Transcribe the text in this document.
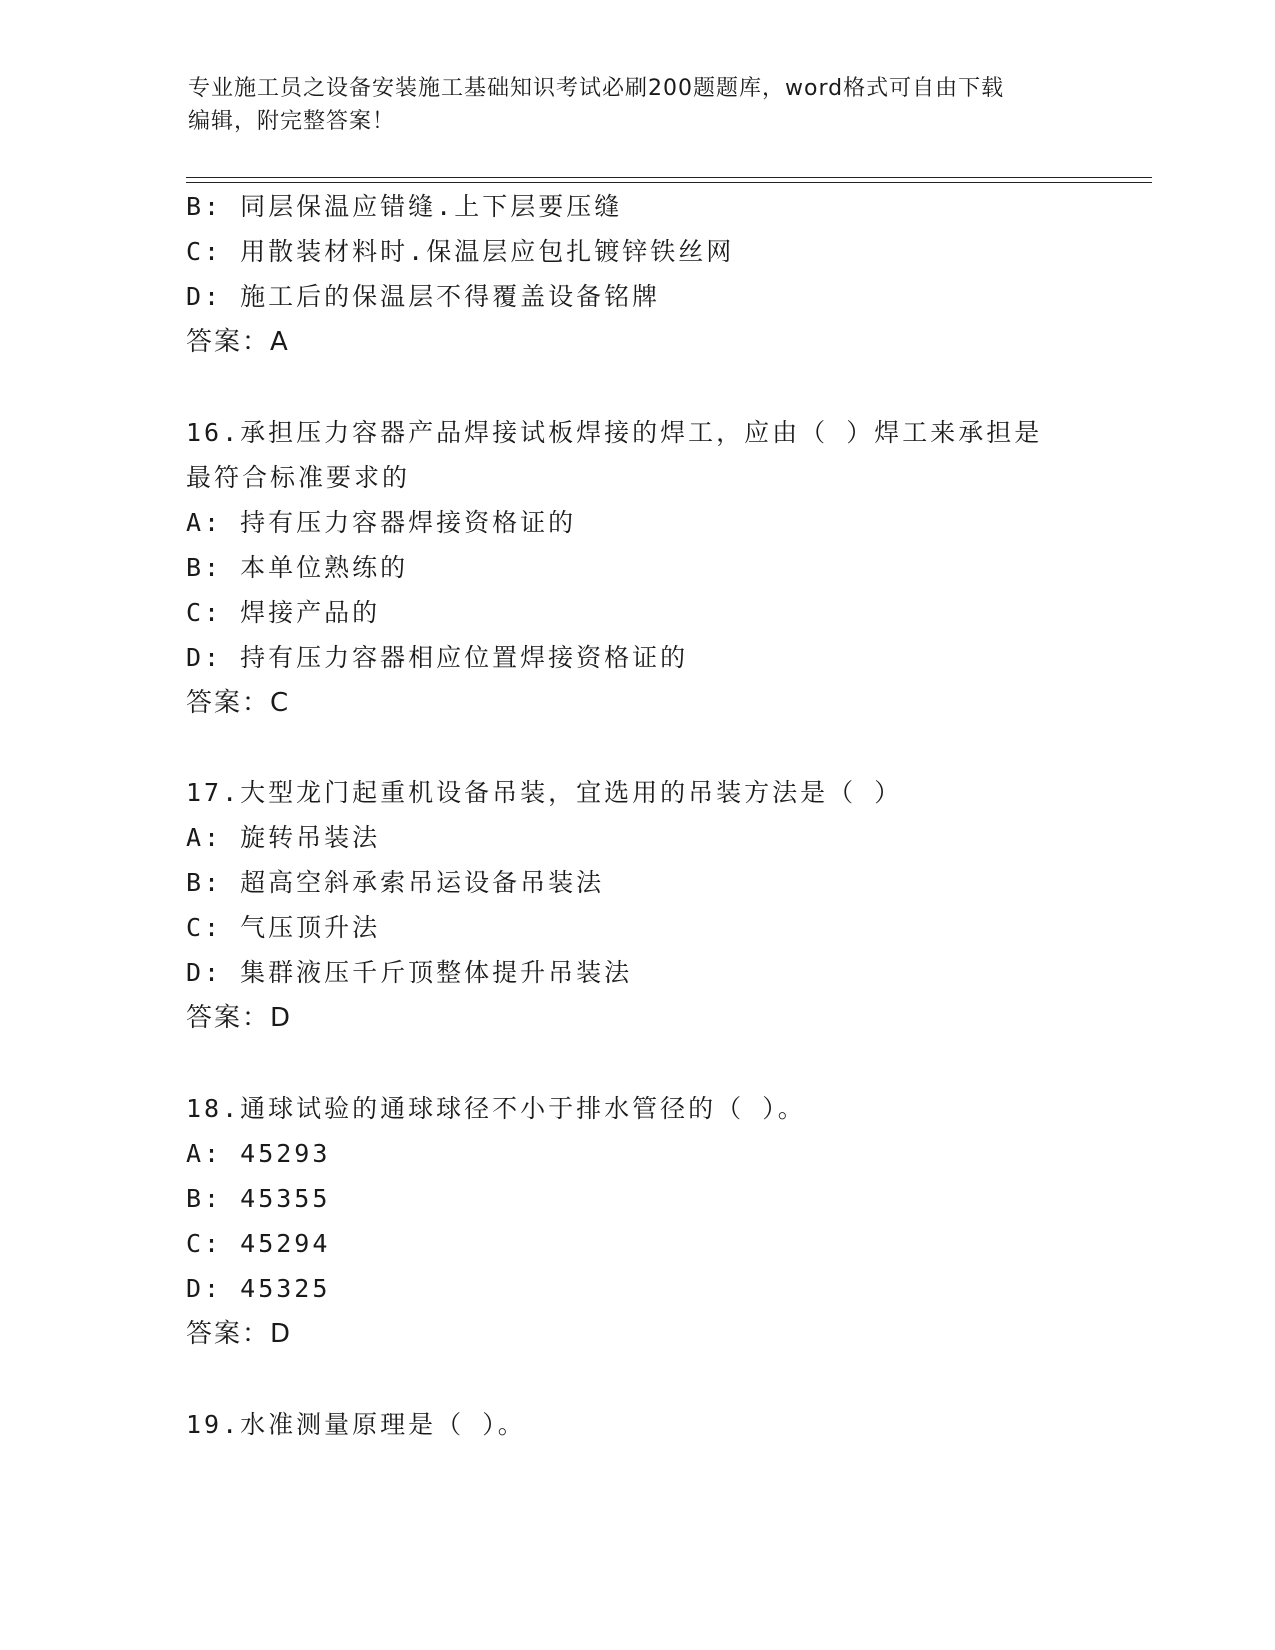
专业施工员之设备安装施工基础知识考试必刷200题题库，word格式可自由下载
编辑，附完整答案！
B: 同层保温应错缝.上下层要压缝
C: 用散装材料时.保温层应包扎镀锌铁丝网
D: 施工后的保温层不得覆盖设备铭牌
答案：A
16.承担压力容器产品焊接试板焊接的焊工，应由（ ）焊工来承担是
最符合标准要求的
A: 持有压力容器焊接资格证的
B: 本单位熟练的
C: 焊接产品的
D: 持有压力容器相应位置焊接资格证的
答案：C
17.大型龙门起重机设备吊装，宜选用的吊装方法是（ ）
A: 旋转吊装法
B: 超高空斜承索吊运设备吊装法
C: 气压顶升法
D: 集群液压千斤顶整体提升吊装法
答案：D
18.通球试验的通球球径不小于排水管径的（ ）。
A: 45293
B: 45355
C: 45294
D: 45325
答案：D
19.水准测量原理是（ ）。
